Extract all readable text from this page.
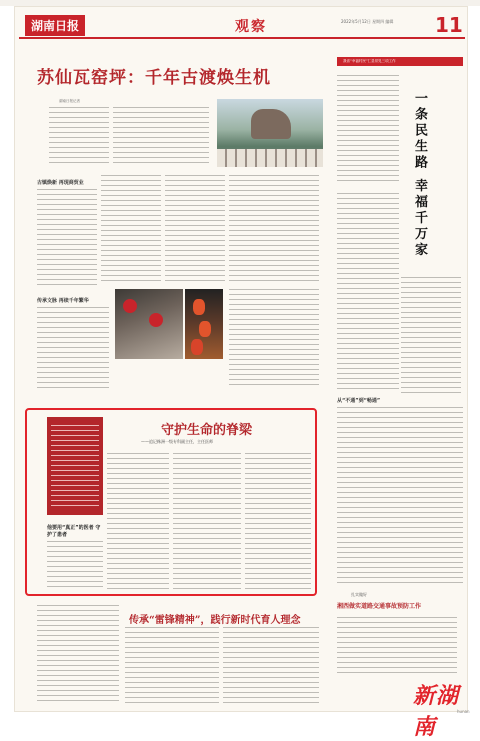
湖南日报	观察	2022年5月12日 星期四 编辑	11
苏仙瓦窑坪：千年古渡焕生机
湖南日报记者
古镇焕新 再现商贸业
传承文脉 再续千年繁华
我省“幸福村民”仁县常见三项工作
一条民生路 幸福千万家
从“不通”到“畅通”
守护生命的脊梁
——追记株洲一级专科副主任，主任医师
他要用“真正”的医者 守护了患者
传承“雷锋精神”，践行新时代育人理念
扎实做好
湘西做实道路交通事故预防工作
新湖南
hunan
